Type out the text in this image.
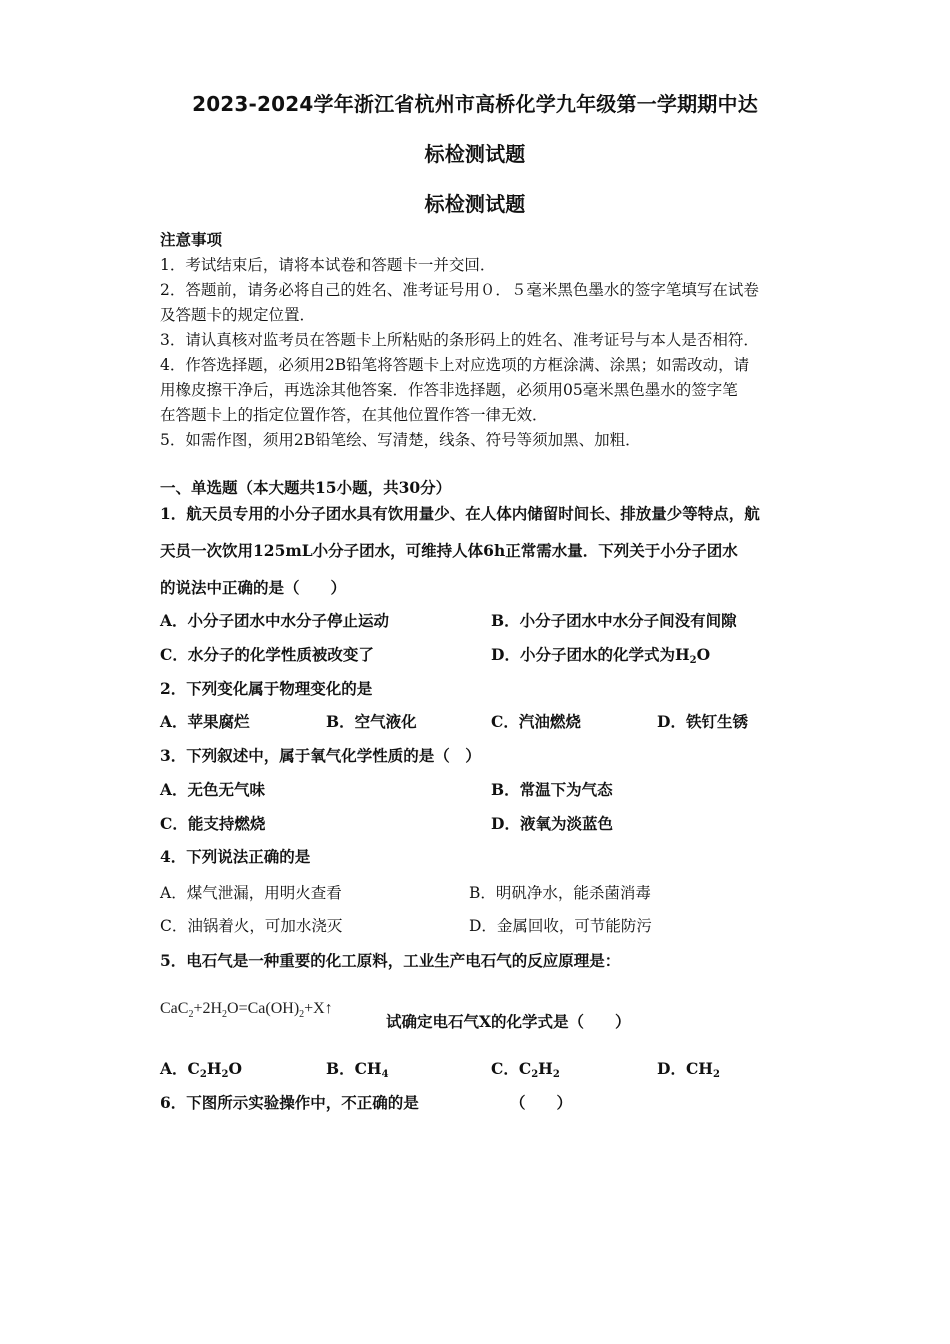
2023-2024学年浙江省杭州市高桥化学九年级第一学期期中达
标检测试题
标检测试题
注意事项
1．考试结束后，请将本试卷和答题卡一并交回．
2．答题前，请务必将自己的姓名、准考证号用０．５毫米黑色墨水的签字笔填写在试卷
及答题卡的规定位置．
3．请认真核对监考员在答题卡上所粘贴的条形码上的姓名、准考证号与本人是否相符．
4．作答选择题，必须用2B铅笔将答题卡上对应选项的方框涂满、涂黑；如需改动，请
用橡皮擦干净后，再选涂其他答案．作答非选择题，必须用05毫米黑色墨水的签字笔
在答题卡上的指定位置作答，在其他位置作答一律无效．
5．如需作图，须用2B铅笔绘、写清楚，线条、符号等须加黑、加粗．
一、单选题（本大题共15小题，共30分）
1．航天员专用的小分子团水具有饮用量少、在人体内储留时间长、排放量少等特点，航
天员一次饮用125mL小分子团水，可维持人体6h正常需水量．下列关于小分子团水
的说法中正确的是（　　）
A．小分子团水中水分子停止运动	B．小分子团水中水分子间没有间隙
C．水分子的化学性质被改变了	D．小分子团水的化学式为$H_2O$
2．下列变化属于物理变化的是
A．苹果腐烂	B．空气液化	C．汽油燃烧	D．铁钉生锈
3．下列叙述中，属于氧气化学性质的是（　）
A．无色无气味	B．常温下为气态
C．能支持燃烧	D．液氧为淡蓝色
4．下列说法正确的是
A．煤气泄漏，用明火查看	B．明矾净水，能杀菌消毒
C．油锅着火，可加水浇灭	D．金属回收，可节能防污
5．电石气是一种重要的化工原料，工业生产电石气的反应原理是：
$CaC_2+2H_2O=Ca(OH)_2+X↑$
试确定电石气X的化学式是（　　）
A．$C_2H_2O$	B．$CH_4$	C．$C_2H_2$	D．$CH_2$
6．下图所示实验操作中，不正确的是	（　　）
